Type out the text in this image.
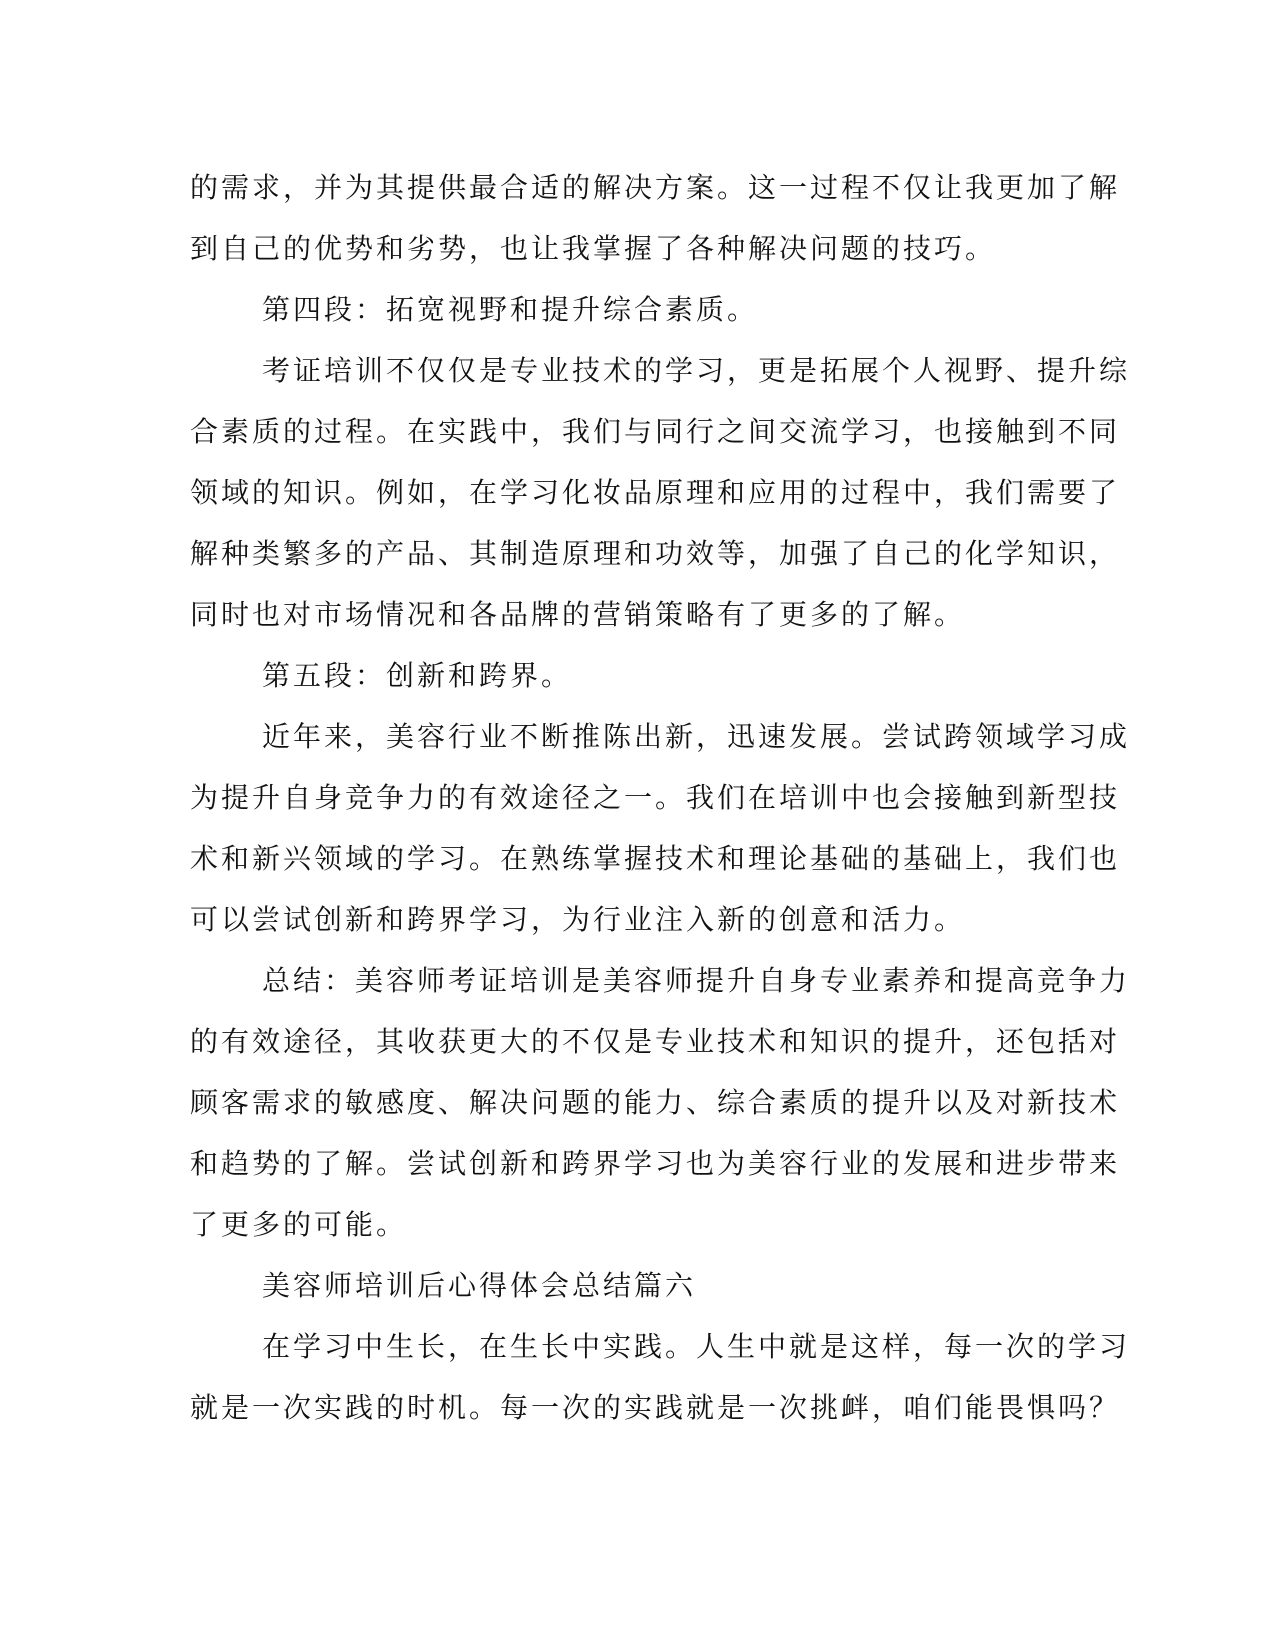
的需求，并为其提供最合适的解决方案。这一过程不仅让我更加了解
到自己的优势和劣势，也让我掌握了各种解决问题的技巧。
第四段：拓宽视野和提升综合素质。
考证培训不仅仅是专业技术的学习，更是拓展个人视野、提升综
合素质的过程。在实践中，我们与同行之间交流学习，也接触到不同
领域的知识。例如，在学习化妆品原理和应用的过程中，我们需要了
解种类繁多的产品、其制造原理和功效等，加强了自己的化学知识，
同时也对市场情况和各品牌的营销策略有了更多的了解。
第五段：创新和跨界。
近年来，美容行业不断推陈出新，迅速发展。尝试跨领域学习成
为提升自身竞争力的有效途径之一。我们在培训中也会接触到新型技
术和新兴领域的学习。在熟练掌握技术和理论基础的基础上，我们也
可以尝试创新和跨界学习，为行业注入新的创意和活力。
总结：美容师考证培训是美容师提升自身专业素养和提高竞争力
的有效途径，其收获更大的不仅是专业技术和知识的提升，还包括对
顾客需求的敏感度、解决问题的能力、综合素质的提升以及对新技术
和趋势的了解。尝试创新和跨界学习也为美容行业的发展和进步带来
了更多的可能。
美容师培训后心得体会总结篇六
在学习中生长，在生长中实践。人生中就是这样，每一次的学习
就是一次实践的时机。每一次的实践就是一次挑衅，咱们能畏惧吗？
